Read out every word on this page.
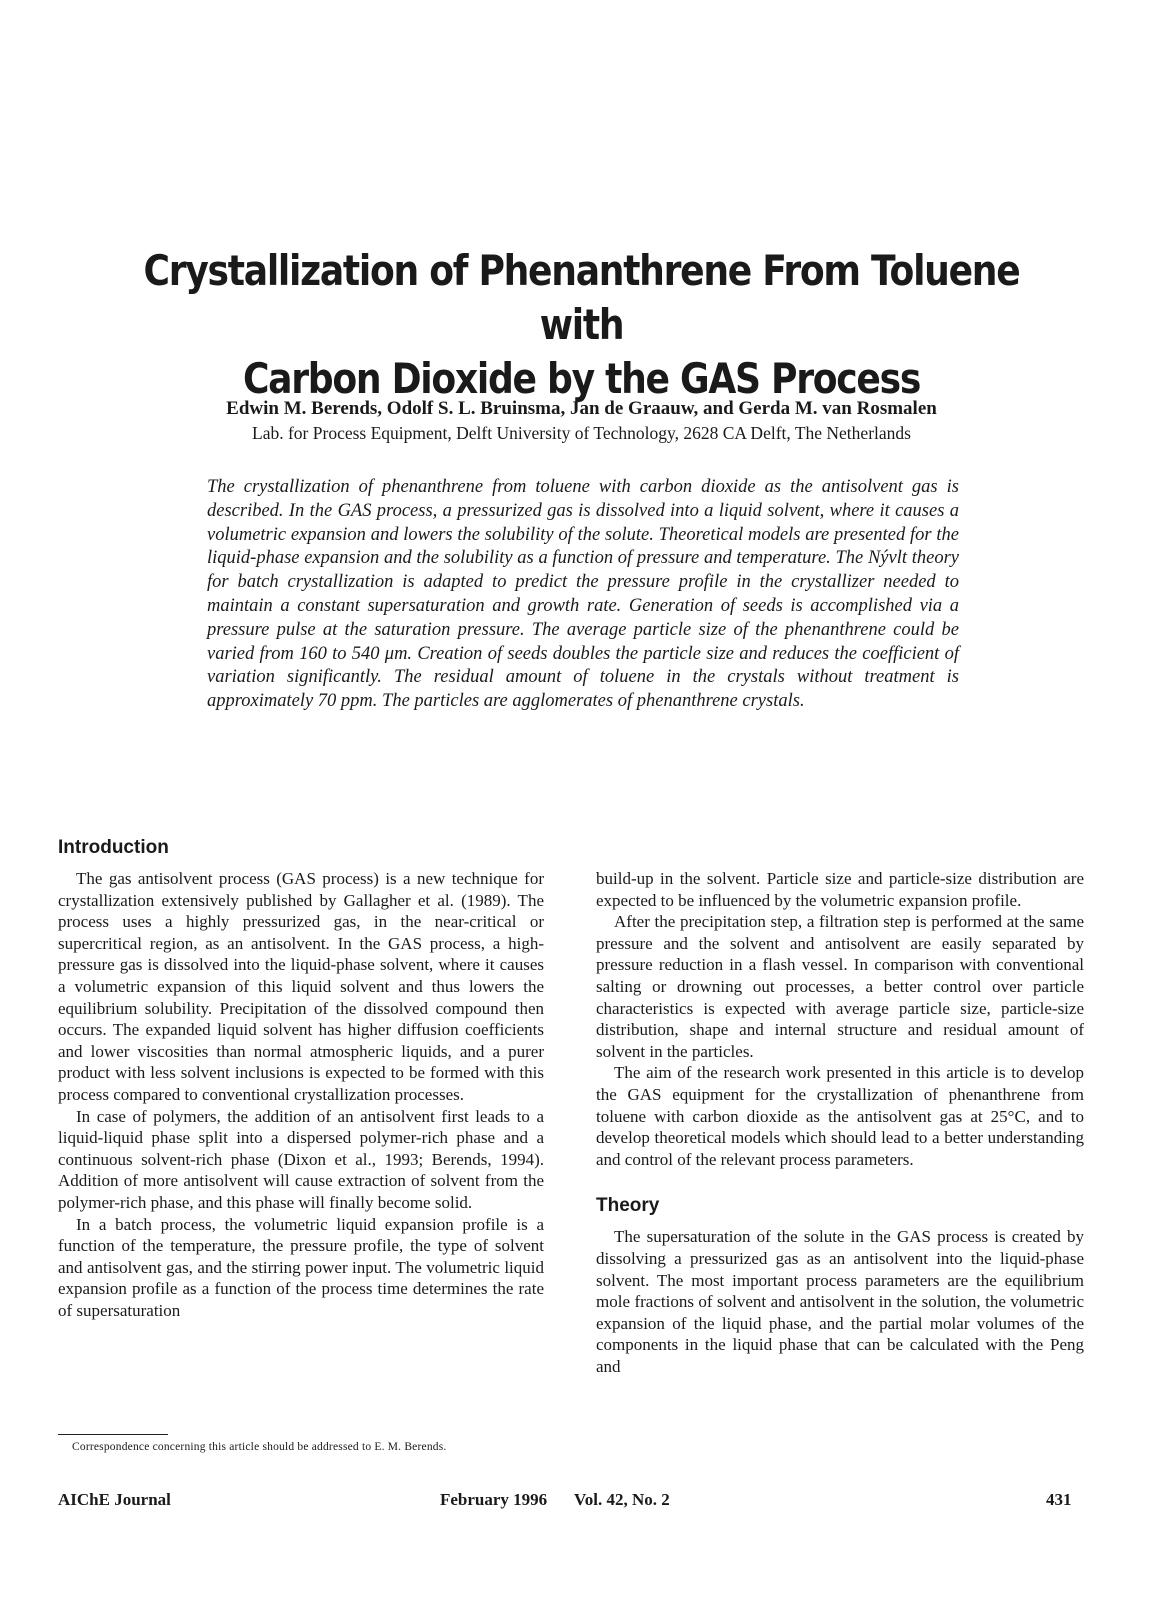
Crystallization of Phenanthrene From Toluene with
Carbon Dioxide by the GAS Process
Edwin M. Berends, Odolf S. L. Bruinsma, Jan de Graauw, and Gerda M. van Rosmalen
Lab. for Process Equipment, Delft University of Technology, 2628 CA Delft, The Netherlands

The crystallization of phenanthrene from toluene with carbon dioxide as the antisolvent gas is described. In the GAS process, a pressurized gas is dissolved into a liquid solvent, where it causes a volumetric expansion and lowers the solubility of the solute. Theoretical models are presented for the liquid-phase expansion and the solubility as a function of pressure and temperature. The Nývlt theory for batch crystallization is adapted to predict the pressure profile in the crystallizer needed to maintain a constant supersaturation and growth rate. Generation of seeds is accomplished via a pressure pulse at the saturation pressure. The average particle size of the phenanthrene could be varied from 160 to 540 μm. Creation of seeds doubles the particle size and reduces the coefficient of variation significantly. The residual amount of toluene in the crystals without treatment is approximately 70 ppm. The particles are agglomerates of phenanthrene crystals.

Introduction

The gas antisolvent process (GAS process) is a new technique for crystallization extensively published by Gallagher et al. (1989). The process uses a highly pressurized gas, in the near-critical or supercritical region, as an antisolvent. In the GAS process, a high-pressure gas is dissolved into the liquid-phase solvent, where it causes a volumetric expansion of this liquid solvent and thus lowers the equilibrium solubility. Precipitation of the dissolved compound then occurs. The expanded liquid solvent has higher diffusion coefficients and lower viscosities than normal atmospheric liquids, and a purer product with less solvent inclusions is expected to be formed with this process compared to conventional crystallization processes.

In case of polymers, the addition of an antisolvent first leads to a liquid-liquid phase split into a dispersed polymer-rich phase and a continuous solvent-rich phase (Dixon et al., 1993; Berends, 1994). Addition of more antisolvent will cause extraction of solvent from the polymer-rich phase, and this phase will finally become solid.

In a batch process, the volumetric liquid expansion profile is a function of the temperature, the pressure profile, the type of solvent and antisolvent gas, and the stirring power input. The volumetric liquid expansion profile as a function of the process time determines the rate of supersaturation

build-up in the solvent. Particle size and particle-size distribution are expected to be influenced by the volumetric expansion profile.

After the precipitation step, a filtration step is performed at the same pressure and the solvent and antisolvent are easily separated by pressure reduction in a flash vessel. In comparison with conventional salting or drowning out processes, a better control over particle characteristics is expected with average particle size, particle-size distribution, shape and internal structure and residual amount of solvent in the particles.

The aim of the research work presented in this article is to develop the GAS equipment for the crystallization of phenanthrene from toluene with carbon dioxide as the antisolvent gas at 25°C, and to develop theoretical models which should lead to a better understanding and control of the relevant process parameters.

Theory

The supersaturation of the solute in the GAS process is created by dissolving a pressurized gas as an antisolvent into the liquid-phase solvent. The most important process parameters are the equilibrium mole fractions of solvent and antisolvent in the solution, the volumetric expansion of the liquid phase, and the partial molar volumes of the components in the liquid phase that can be calculated with the Peng and

Correspondence concerning this article should be addressed to E. M. Berends.
AIChE Journal	February 1996 Vol. 42, No. 2	431
